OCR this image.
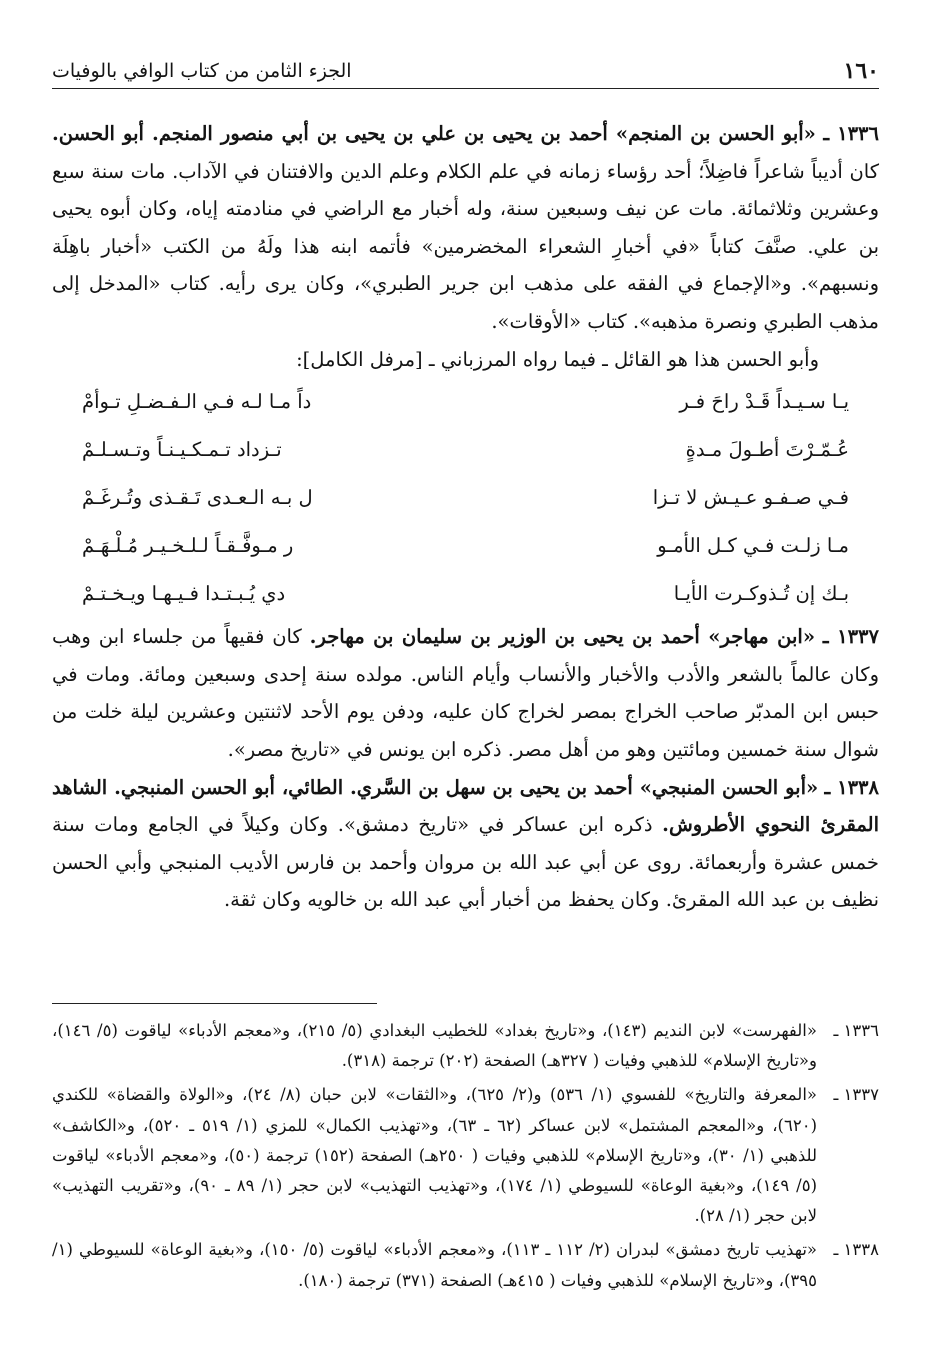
١٦٠
الجزء الثامن من كتاب الوافي بالوفيات

١٣٣٦ ـ «أبو الحسن بن المنجم» أحمد بن يحيى بن علي بن يحيى بن أبي منصور المنجم. أبو الحسن. كان أديباً شاعراً فاضِلاً؛ أحد رؤساء زمانه في علم الكلام وعلم الدين والافتنان في الآداب. مات سنة سبع وعشرين وثلاثمائة. مات عن نيف وسبعين سنة، وله أخبار مع الراضي في منادمته إياه، وكان أبوه يحيى بن علي. صنَّفَ كتاباً «في أخبارِ الشعراء المخضرمين» فأتمه ابنه هذا ولَهُ من الكتب «أخبار باهِلَة ونسبهم». و«الإجماع في الفقه على مذهب ابن جرير الطبري»، وكان يرى رأيه. كتاب «المدخل إلى مذهب الطبري ونصرة مذهبه». كتاب «الأوقات».

وأبو الحسن هذا هو القائل ـ فيما رواه المرزباني ـ [مرفل الكامل]:

يـا سـيـداً قَـدْ راحَ فـر
داً مـا لـه فـي الـفـضـلِ تـوأمْ
عُـمّـرْتَ أطـولَ مـدةٍ
تـزداد تـمـكـيـنـاً وتـسـلـمْ
فـي صـفـو عـيـش لا تـزا
ل بـه الـعـدى تَـقـذى وتُـرغَـمْ
مـا زلـت فـي كـل الأمـو
ر مـوفَّـقـاً لـلـخـيـر مُـلْـهَـمْ
بـك إن تُـذوكـرت الأيـا
دي يُـبـتـدا فـيـهـا ويـخـتـمْ

١٣٣٧ ـ «ابن مهاجر» أحمد بن يحيى بن الوزير بن سليمان بن مهاجر. كان فقيهاً من جلساء ابن وهب وكان عالماً بالشعر والأدب والأخبار والأنساب وأيام الناس. مولده سنة إحدى وسبعين ومائة. ومات في حبس ابن المدبّر صاحب الخراج بمصر لخراج كان عليه، ودفن يوم الأحد لاثنتين وعشرين ليلة خلت من شوال سنة خمسين ومائتين وهو من أهل مصر. ذكره ابن يونس في «تاريخ مصر».

١٣٣٨ ـ «أبو الحسن المنبجي» أحمد بن يحيى بن سهل بن السَّري. الطائي، أبو الحسن المنبجي. الشاهد المقرئ النحوي الأطروش. ذكره ابن عساكر في «تاريخ دمشق». وكان وكيلاً في الجامع ومات سنة خمس عشرة وأربعمائة. روى عن أبي عبد الله بن مروان وأحمد بن فارس الأديب المنبجي وأبي الحسن نظيف بن عبد الله المقرئ. وكان يحفظ من أخبار أبي عبد الله بن خالويه وكان ثقة.

١٣٣٦ ـ
«الفهرست» لابن النديم (١٤٣)، و«تاريخ بغداد» للخطيب البغدادي (٥/ ٢١٥)، و«معجم الأدباء» لياقوت (٥/ ١٤٦)، و«تاريخ الإسلام» للذهبي وفيات ( ٣٢٧هـ) الصفحة (٢٠٢) ترجمة (٣١٨).
١٣٣٧ ـ
«المعرفة والتاريخ» للفسوي (١/ ٥٣٦) و(٢/ ٦٢٥)، و«الثقات» لابن حبان (٨/ ٢٤)، و«الولاة والقضاة» للكندي (٦٢٠)، و«المعجم المشتمل» لابن عساكر (٦٢ ـ ٦٣)، و«تهذيب الكمال» للمزي (١/ ٥١٩ ـ ٥٢٠)، و«الكاشف» للذهبي (١/ ٣٠)، و«تاريخ الإسلام» للذهبي وفيات ( ٢٥٠هـ) الصفحة (١٥٢) ترجمة (٥٠)، و«معجم الأدباء» لياقوت (٥/ ١٤٩)، و«بغية الوعاة» للسيوطي (١/ ١٧٤)، و«تهذيب التهذيب» لابن حجر (١/ ٨٩ ـ ٩٠)، و«تقريب التهذيب» لابن حجر (١/ ٢٨).
١٣٣٨ ـ
«تهذيب تاريخ دمشق» لبدران (٢/ ١١٢ ـ ١١٣)، و«معجم الأدباء» لياقوت (٥/ ١٥٠)، و«بغية الوعاة» للسيوطي (١/ ٣٩٥)، و«تاريخ الإسلام» للذهبي وفيات ( ٤١٥هـ) الصفحة (٣٧١) ترجمة (١٨٠).
